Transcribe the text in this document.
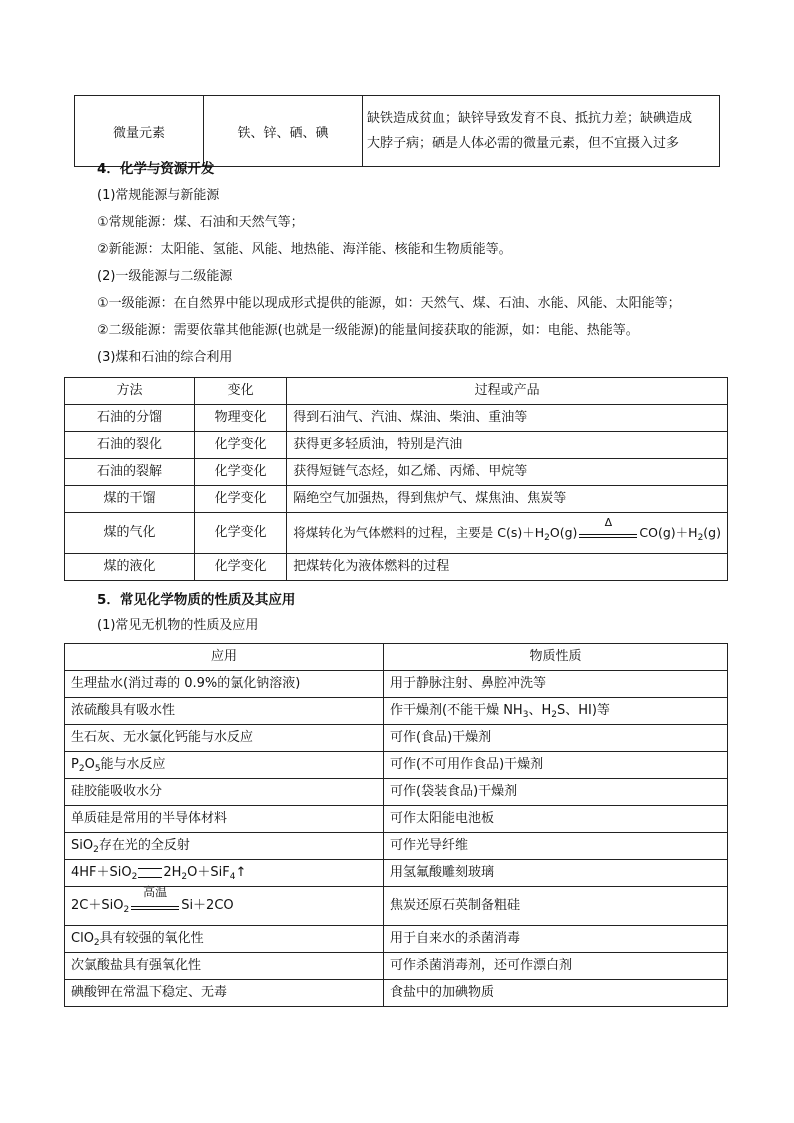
微量元素	铁、锌、硒、碘	
缺铁造成贫血；缺锌导致发育不良、抵抗力差；缺碘造成
大脖子病；硒是人体必需的微量元素，但不宜摄入过多
4．化学与资源开发
(1)常规能源与新能源
①常规能源：煤、石油和天然气等；
②新能源：太阳能、氢能、风能、地热能、海洋能、核能和生物质能等。
(2)一级能源与二级能源
①一级能源：在自然界中能以现成形式提供的能源，如：天然气、煤、石油、水能、风能、太阳能等；
②二级能源：需要依靠其他能源(也就是一级能源)的能量间接获取的能源，如：电能、热能等。
(3)煤和石油的综合利用
方法	变化	过程或产品
石油的分馏	物理变化	得到石油气、汽油、煤油、柴油、重油等
石油的裂化	化学变化	获得更多轻质油，特别是汽油
石油的裂解	化学变化	获得短链气态烃，如乙烯、丙烯、甲烷等
煤的干馏	化学变化	隔绝空气加强热，得到焦炉气、煤焦油、焦炭等
煤的气化	化学变化	将煤转化为气体燃料的过程，主要是 $C(s)+H_2O(g)$
Δ
$CO(g)+H_2(g)$
煤的液化	化学变化	把煤转化为液体燃料的过程
5．常见化学物质的性质及其应用
(1)常见无机物的性质及应用
应用	物质性质
生理盐水(消过毒的 0.9%的氯化钠溶液)	用于静脉注射、鼻腔冲洗等
浓硫酸具有吸水性	作干燥剂(不能干燥 $NH_3$、$H_2S$、HI)等
生石灰、无水氯化钙能与水反应	可作(食品)干燥剂
$P_2O_5$能与水反应	可作(不可用作食品)干燥剂
硅胶能吸收水分	可作(袋装食品)干燥剂
单质硅是常用的半导体材料	可作太阳能电池板
SiO$_2$存在光的全反射	可作光导纤维
4HF＋SiO$_2$ $2H_2O+SiF_4↑$	用氢氟酸雕刻玻璃
2C＋SiO$_2$
高温
Si＋2CO	焦炭还原石英制备粗硅
ClO$_2$具有较强的氧化性	用于自来水的杀菌消毒
次氯酸盐具有强氧化性	可作杀菌消毒剂，还可作漂白剂
碘酸钾在常温下稳定、无毒	食盐中的加碘物质
